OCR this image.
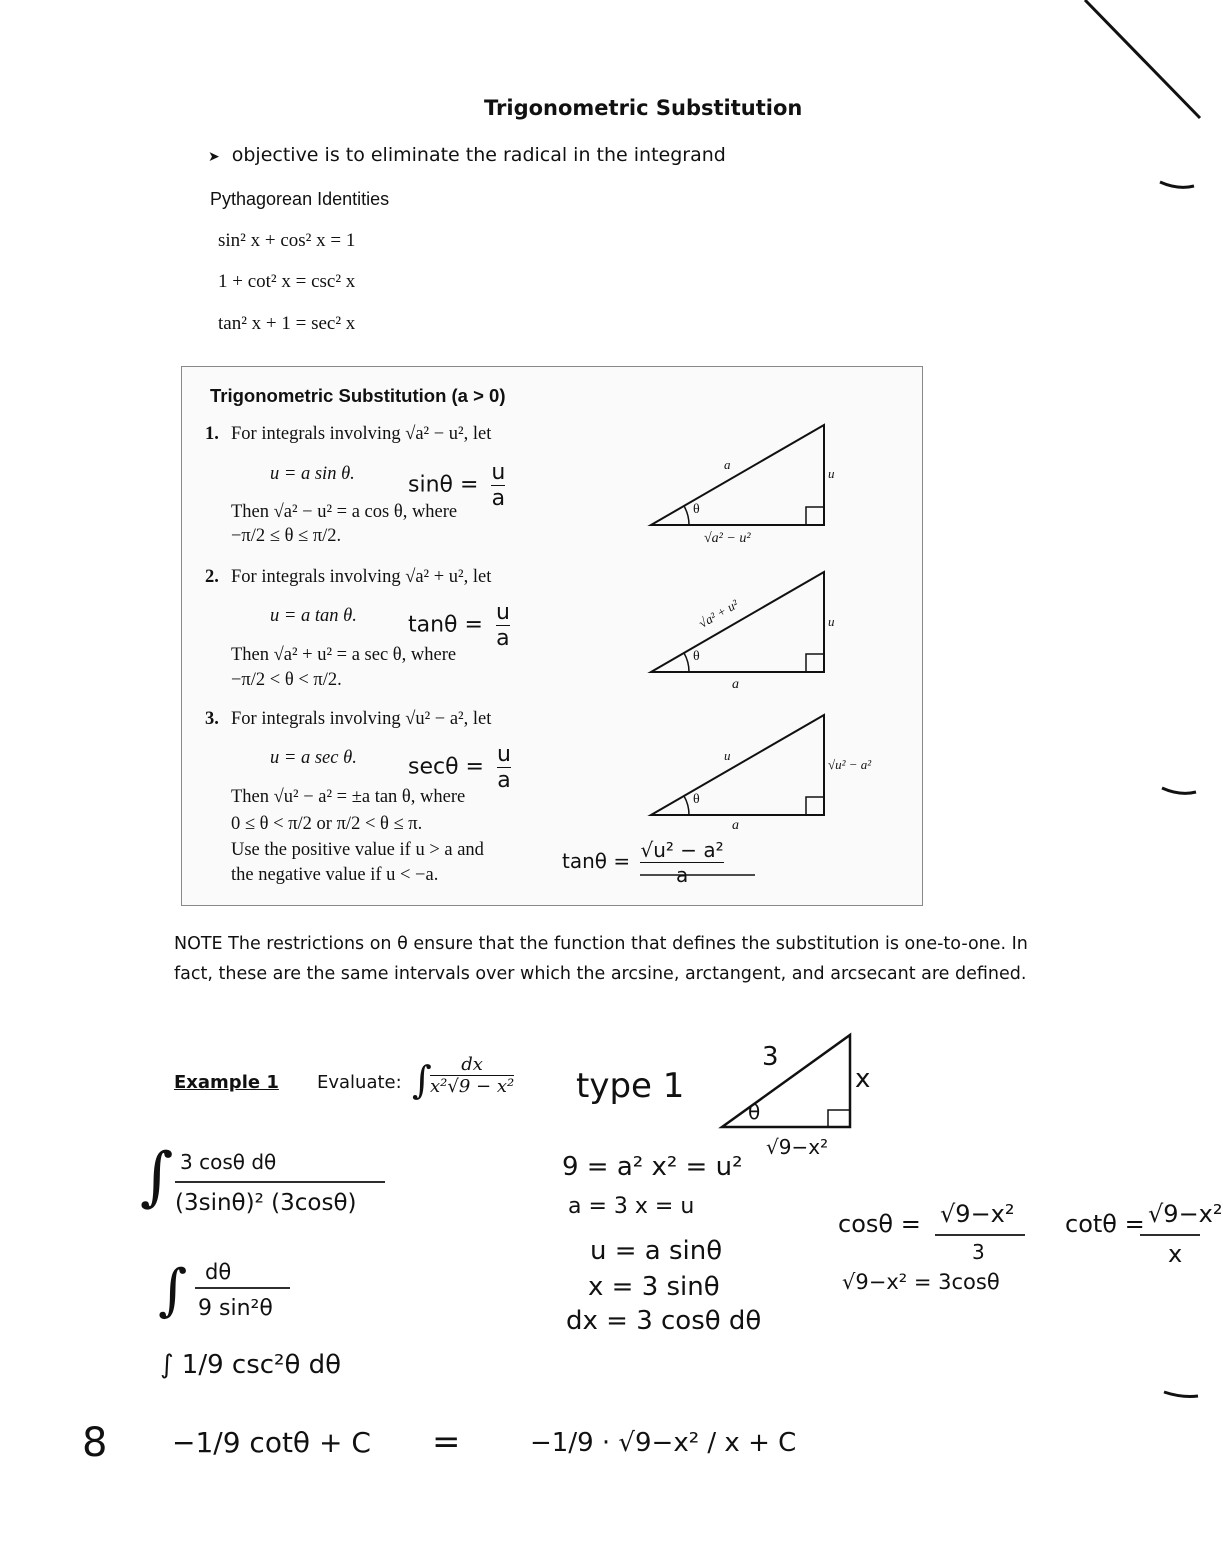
Trigonometric Substitution
➤ objective is to eliminate the radical in the integrand
Pythagorean Identities
sin² x + cos² x = 1
1 + cot² x = csc² x
tan² x + 1 = sec² x
Trigonometric Substitution (a > 0)
1. For integrals involving √a² − u², let
u = a sin θ. $\sin\theta = \frac{u}{a}$
Then √a² − u² = a cos θ, where
−π/2 ≤ θ ≤ π/2.
2. For integrals involving √a² + u², let
u = a tan θ. $\tan\theta = \frac{u}{a}$
Then √a² + u² = a sec θ, where
−π/2 < θ < π/2.
3. For integrals involving √u² − a², let
u = a sec θ. $\sec\theta = \frac{u}{a}$
Then √u² − a² = ±a tan θ, where
0 ≤ θ < π/2 or π/2 < θ ≤ π.
Use the positive value if u > a and
the negative value if u < −a.
$\tan\theta = \frac{\text{√u² − a²}}{a}$
a
u
√a² − u²
θ
√a² + u²	u
a
θ
u
√u² − a²
a
θ
NOTE The restrictions on θ ensure that the function that defines the substitution is one-to-one. In
fact, these are the same intervals over which the arcsine, arctangent, and arcsecant are defined.
Example 1 Evaluate: ∫
$\frac{dx}{\text{x²√9 − x²}}$ type 1
3
x
√9−x²
θ
∫ 3 cosθ dθ
(3sinθ)² (3cosθ)
∫ dθ
9 sin²θ
∫ 1/9 csc²θ dθ
8 −1/9 cotθ + C =	−1/9 · √9−x² / x + C
9 = a² x² = u²
a = 3 x = u
u = a sinθ
x = 3 sinθ
dx = 3 cosθ dθ
cosθ = √9−x²
3
√9−x² = 3cosθ
cotθ = √9−x²
x
